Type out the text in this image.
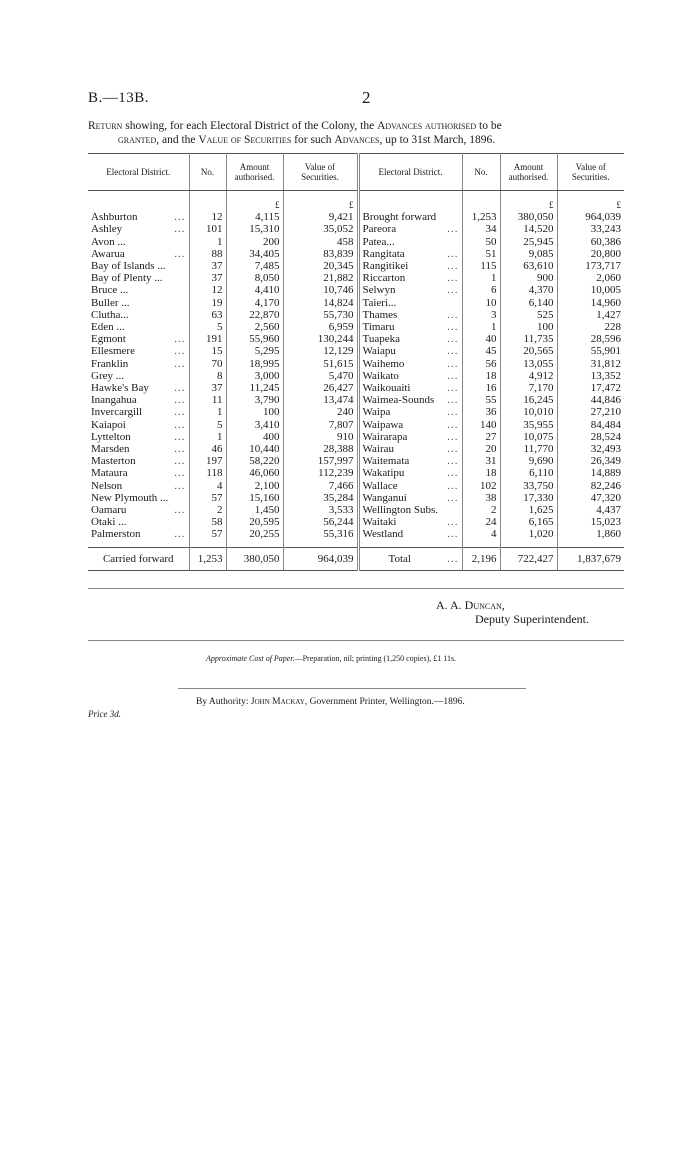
B.—13B.	2
Return showing, for each Electoral District of the Colony, the Advances authorised to be
granted, and the Value of Securities for such Advances, up to 31st March, 1896.
Electoral District.	No.	Amount authorised.	Value of Securities.	Electoral District.	No.	Amount authorised.	Value of Securities.
		£	£			£	£

Ashburton ...	12	4,115	9,421	Brought forward	1,253	380,050	964,039

Ashley ...	101	15,310	35,052	Pareora ...	34	14,520	33,243

Avon ...	1	200	458	Patea...	50	25,945	60,386

Awarua ...	88	34,405	83,839	Rangitata ...	51	9,085	20,800

Bay of Islands ...	37	7,485	20,345	Rangitikei ...	115	63,610	173,717

Bay of Plenty ...	37	8,050	21,882	Riccarton ...	1	900	2,060

Bruce ...	12	4,410	10,746	Selwyn ...	6	4,370	10,005

Buller ...	19	4,170	14,824	Taieri...	10	6,140	14,960

Clutha...	63	22,870	55,730	Thames ...	3	525	1,427

Eden ...	5	2,560	6,959	Timaru ...	1	100	228

Egmont ...	191	55,960	130,244	Tuapeka ...	40	11,735	28,596

Ellesmere ...	15	5,295	12,129	Waiapu ...	45	20,565	55,901

Franklin ...	70	18,995	51,615	Waihemo ...	56	13,055	31,812

Grey ...	8	3,000	5,470	Waikato ...	18	4,912	13,352

Hawke's Bay ...	37	11,245	26,427	Waikouaiti ...	16	7,170	17,472

Inangahua ...	11	3,790	13,474	Waimea-Sounds ...	55	16,245	44,846

Invercargill ...	1	100	240	Waipa ...	36	10,010	27,210

Kaiapoi ...	5	3,410	7,807	Waipawa ...	140	35,955	84,484

Lyttelton ...	1	400	910	Wairarapa ...	27	10,075	28,524

Marsden ...	46	10,440	28,388	Wairau ...	20	11,770	32,493

Masterton ...	197	58,220	157,997	Waitemata ...	31	9,690	26,349

Mataura ...	118	46,060	112,239	Wakatipu ...	18	6,110	14,889

Nelson ...	4	2,100	7,466	Wallace ...	102	33,750	82,246

New Plymouth ...	57	15,160	35,284	Wanganui ...	38	17,330	47,320

Oamaru ...	2	1,450	3,533	Wellington Subs.	2	1,625	4,437

Otaki ...	58	20,595	56,244	Waitaki ...	24	6,165	15,023

Palmerston ...	57	20,255	55,316	Westland ...	4	1,020	1,860

Carried forward	1,253	380,050	964,039	Total ...	2,196	722,427	1,837,679
A. A. Duncan,
Deputy Superintendent.
Approximate Cost of Paper.—Preparation, nil; printing (1,250 copies), £1 11s.
By Authority: John Mackay, Government Printer, Wellington.—1896.
Price 3d.
